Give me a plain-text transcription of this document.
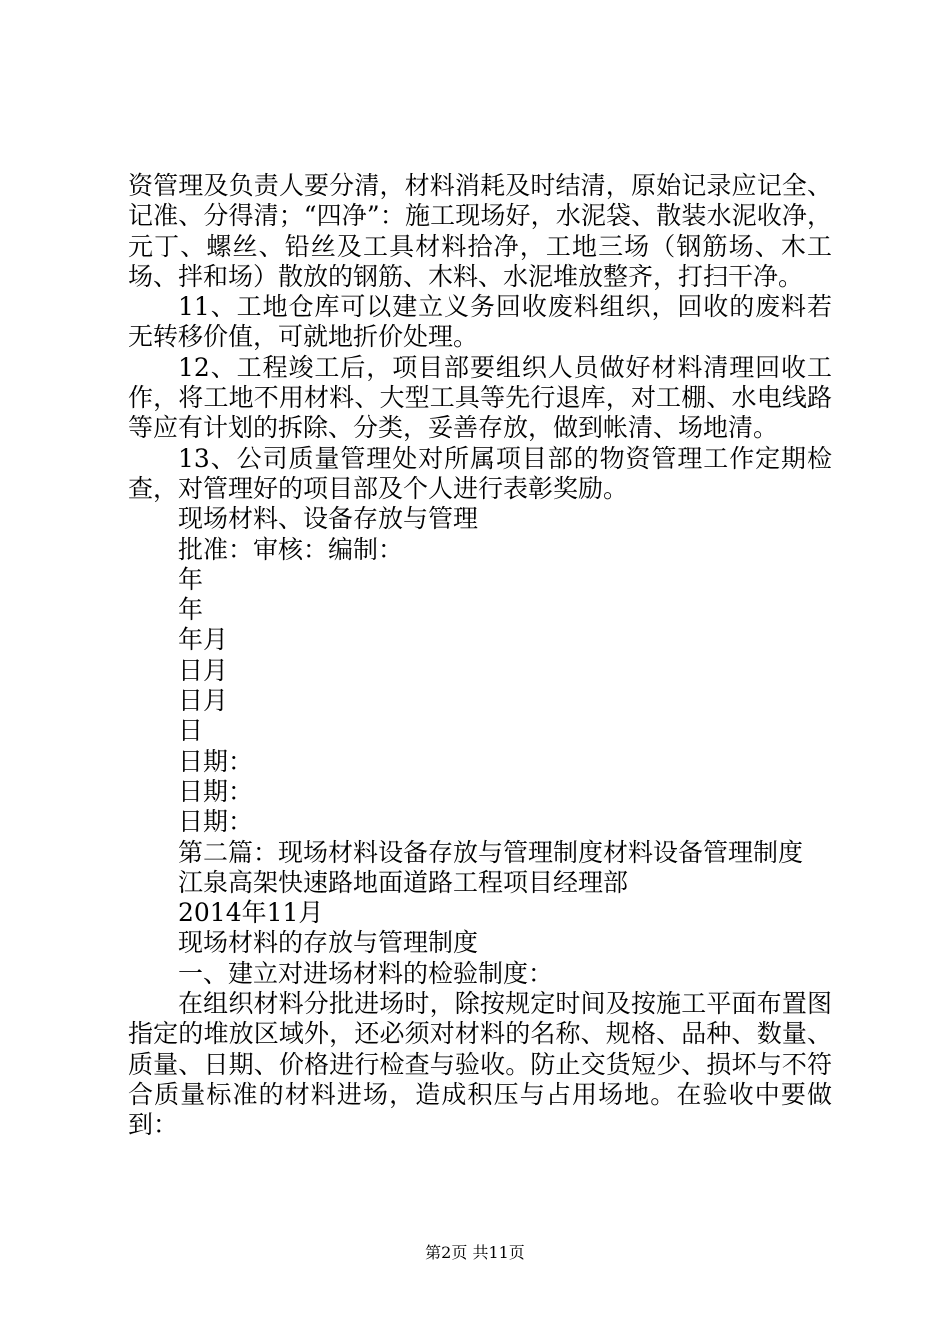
资管理及负责人要分清，材料消耗及时结清，原始记录应记全、记准、分得清；“四净”：施工现场好，水泥袋、散装水泥收净，元丁、螺丝、铅丝及工具材料拾净，工地三场（钢筋场、木工场、拌和场）散放的钢筋、木料、水泥堆放整齐，打扫干净。

11、工地仓库可以建立义务回收废料组织，回收的废料若无转移价值，可就地折价处理。

12、工程竣工后，项目部要组织人员做好材料清理回收工作，将工地不用材料、大型工具等先行退库，对工棚、水电线路等应有计划的拆除、分类，妥善存放，做到帐清、场地清。

13、公司质量管理处对所属项目部的物资管理工作定期检查，对管理好的项目部及个人进行表彰奖励。

现场材料、设备存放与管理

批准：审核：编制：

年

年

年月

日月

日月

日

日期：

日期：

日期：

第二篇：现场材料设备存放与管理制度材料设备管理制度

江泉高架快速路地面道路工程项目经理部

2014年11月

现场材料的存放与管理制度

一、建立对进场材料的检验制度：

在组织材料分批进场时，除按规定时间及按施工平面布置图指定的堆放区域外，还必须对材料的名称、规格、品种、数量、质量、日期、价格进行检查与验收。防止交货短少、损坏与不符合质量标准的材料进场，造成积压与占用场地。在验收中要做到：

第2页 共11页
